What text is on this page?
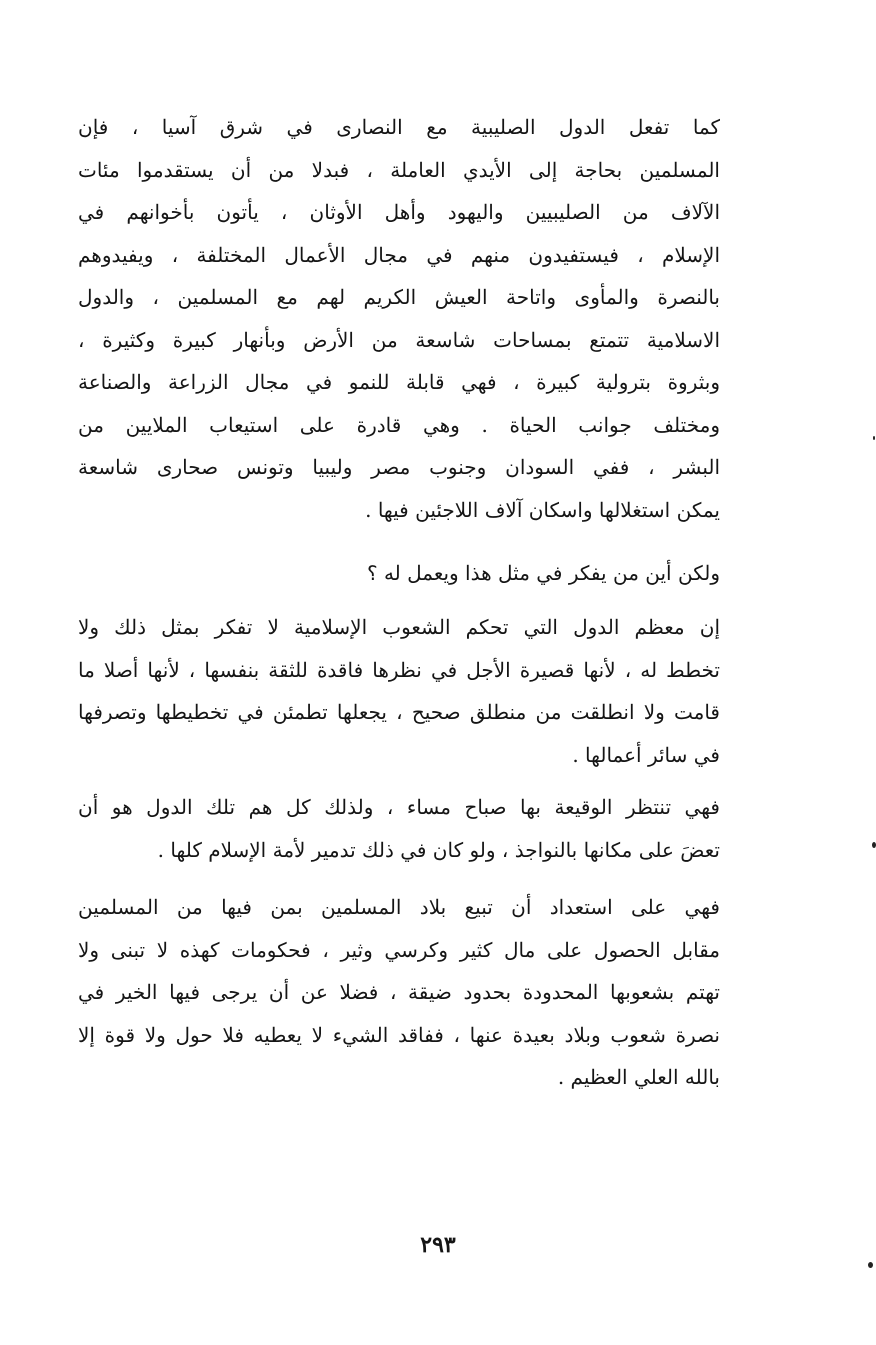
كما تفعل الدول الصليبية مع النصارى في شرق آسيا ، فإن
المسلمين بحاجة إلى الأيدي العاملة ، فبدلا من أن يستقدموا مئات
الآلاف من الصليبيين واليهود وأهل الأوثان ، يأتون بأخوانهم في
الإسلام ، فيستفيدون منهم في مجال الأعمال المختلفة ، ويفيدوهم
بالنصرة والمأوى واتاحة العيش الكريم لهم مع المسلمين ، والدول
الاسلامية تتمتع بمساحات شاسعة من الأرض وبأنهار كبيرة وكثيرة ،
وبثروة بترولية كبيرة ، فهي قابلة للنمو في مجال الزراعة والصناعة
ومختلف جوانب الحياة . وهي قادرة على استيعاب الملايين من
البشر ، ففي السودان وجنوب مصر وليبيا وتونس صحارى شاسعة
يمكن استغلالها واسكان آلاف اللاجئين فيها .
ولكن أين من يفكر في مثل هذا ويعمل له ؟
إن معظم الدول التي تحكم الشعوب الإسلامية لا تفكر بمثل ذلك ولا
تخطط له ، لأنها قصيرة الأجل في نظرها فاقدة للثقة بنفسها ، لأنها أصلا ما
قامت ولا انطلقت من منطلق صحيح ، يجعلها تطمئن في تخطيطها وتصرفها
في سائر أعمالها .
فهي تنتظر الوقيعة بها صباح مساء ، ولذلك كل هم تلك الدول هو أن
تعضَ على مكانها بالنواجذ ، ولو كان في ذلك تدمير لأمة الإسلام كلها .
فهي على استعداد أن تبيع بلاد المسلمين بمن فيها من المسلمين
مقابل الحصول على مال كثير وكرسي وثير ، فحكومات كهذه لا تبنى ولا
تهتم بشعوبها المحدودة بحدود ضيقة ، فضلا عن أن يرجى فيها الخير في
نصرة شعوب وبلاد بعيدة عنها ، ففاقد الشيء لا يعطيه فلا حول ولا قوة إلا
بالله العلي العظيم .
٢٩٣
